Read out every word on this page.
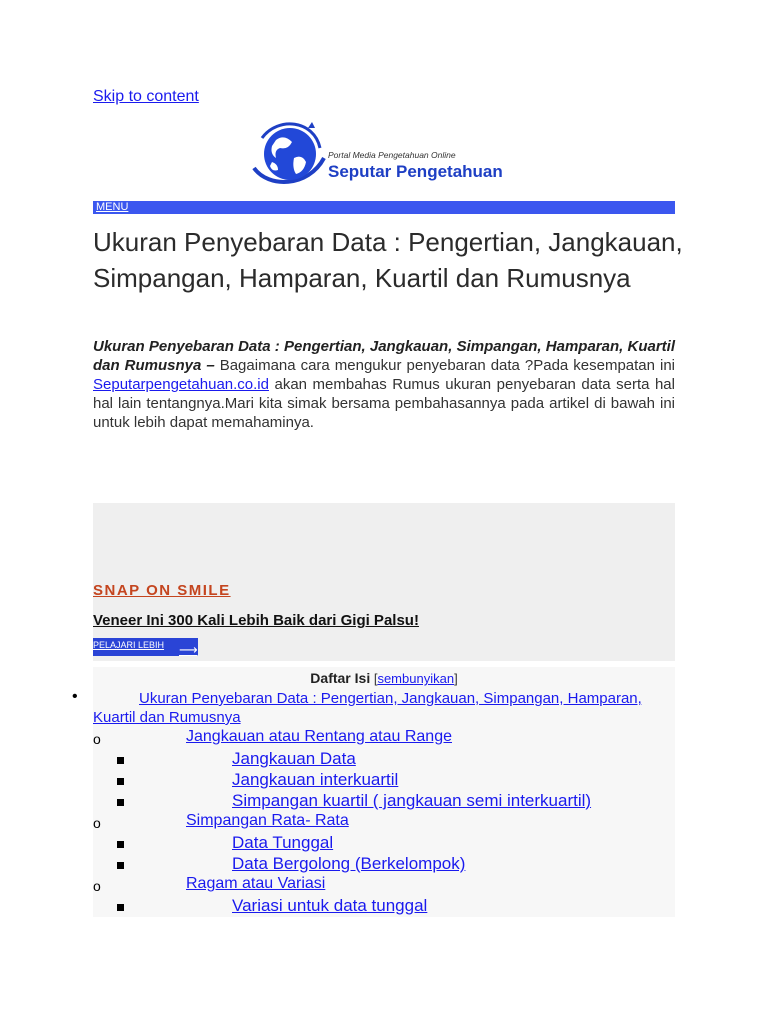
Skip to content
Portal Media Pengetahuan Online
Seputar Pengetahuan
MENU
Ukuran Penyebaran Data : Pengertian, Jangkauan, Simpangan, Hamparan, Kuartil dan Rumusnya

Ukuran Penyebaran Data : Pengertian, Jangkauan, Simpangan, Hamparan, Kuartil dan Rumusnya – Bagaimana cara mengukur penyebaran data ?Pada kesempatan ini Seputarpengetahuan.co.id akan membahas Rumus ukuran penyebaran data serta hal hal lain tentangnya.Mari kita simak bersama pembahasannya pada artikel di bawah ini untuk lebih dapat memahaminya.

SNAP ON SMILE
Veneer Ini 300 Kali Lebih Baik dari Gigi Palsu!
PELAJARI LEBIH ⟶
Daftar Isi [sembunyikan]
•	Ukuran Penyebaran Data : Pengertian, Jangkauan, Simpangan, Hamparan, Kuartil dan Rumusnya
o	Jangkauan atau Rentang atau Range
Jangkauan Data
Jangkauan interkuartil
Simpangan kuartil ( jangkauan semi interkuartil)
o	Simpangan Rata- Rata
Data Tunggal
Data Bergolong (Berkelompok)
o	Ragam atau Variasi
Variasi untuk data tunggal
